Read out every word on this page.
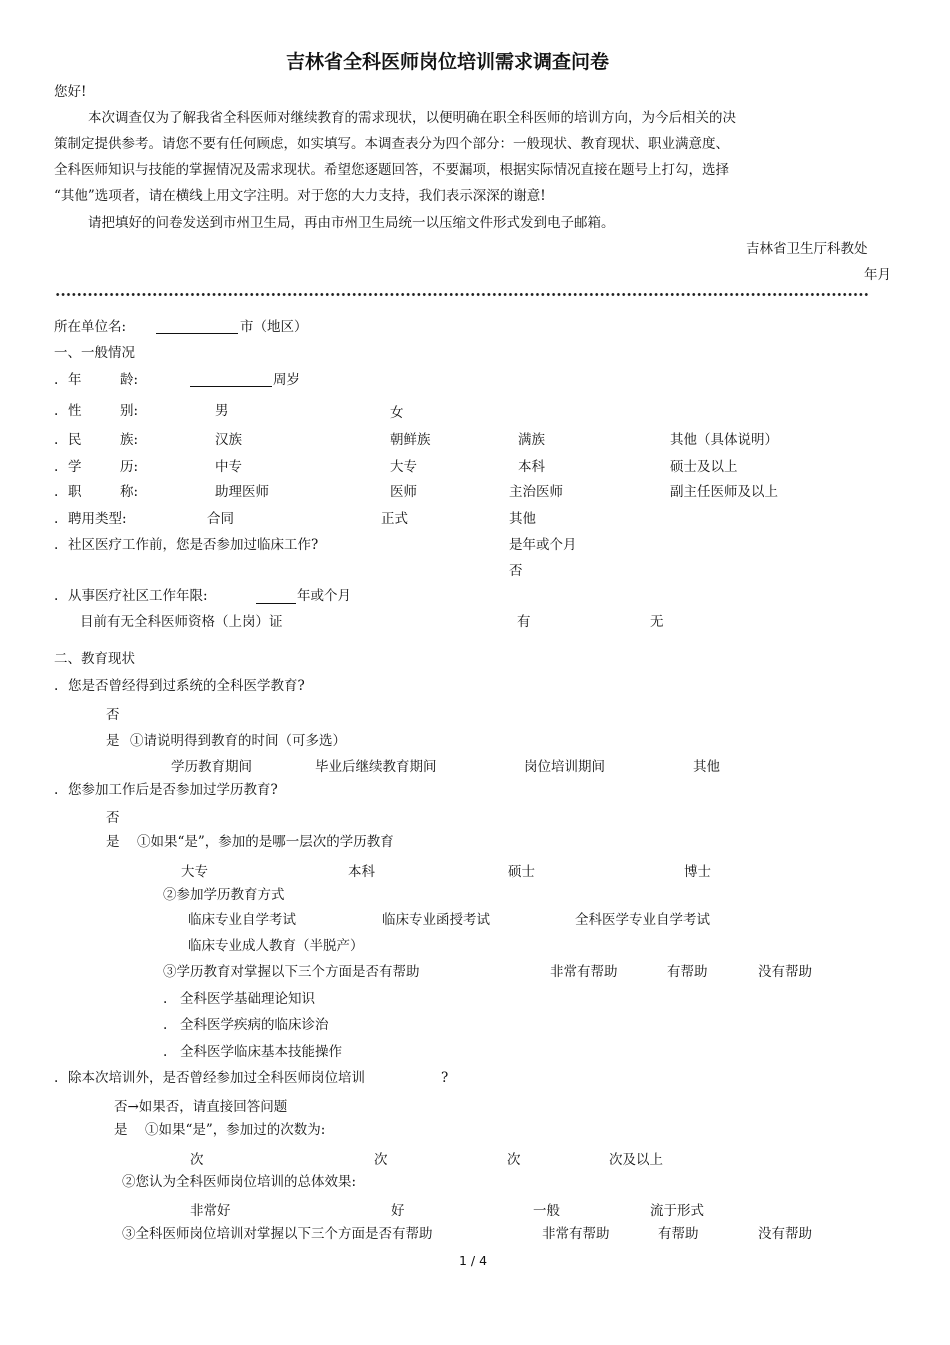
吉林省全科医师岗位培训需求调查问卷
您好!
本次调查仅为了解我省全科医师对继续教育的需求现状，以便明确在职全科医师的培训方向，为今后相关的决
策制定提供参考。请您不要有任何顾虑，如实填写。本调查表分为四个部分：一般现状、教育现状、职业满意度、
全科医师知识与技能的掌握情况及需求现状。希望您逐题回答，不要漏项，根据实际情况直接在题号上打勾，选择
“其他”选项者，请在横线上用文字注明。对于您的大力支持，我们表示深深的谢意!
请把填好的问卷发送到市州卫生局，再由市州卫生局统一以压缩文件形式发到电子邮箱。
吉林省卫生厅科教处
年月
所在单位名:	市（地区）
一、一般情况
. 年	龄:	周岁
. 性	别:	男	女
. 民	族:	汉族	朝鲜族	满族	其他（具体说明）
. 学	历:	中专	大专	本科	硕士及以上
. 职	称:	助理医师	医师	主治医师	副主任医师及以上
. 聘用类型:	合同	正式	其他
. 社区医疗工作前，您是否参加过临床工作?	是年或个月
否
. 从事医疗社区工作年限:	年或个月
目前有无全科医师资格（上岗）证	有	无
二、教育现状
. 您是否曾经得到过系统的全科医学教育?
否
是 ①请说明得到教育的时间（可多选）
学历教育期间	毕业后继续教育期间	岗位培训期间	其他
. 您参加工作后是否参加过学历教育?
否
是 ①如果“是”，参加的是哪一层次的学历教育
大专	本科	硕士	博士
②参加学历教育方式
临床专业自学考试	临床专业函授考试	全科医学专业自学考试
临床专业成人教育（半脱产）
③学历教育对掌握以下三个方面是否有帮助	非常有帮助	有帮助	没有帮助
. 全科医学基础理论知识
. 全科医学疾病的临床诊治
. 全科医学临床基本技能操作
. 除本次培训外，是否曾经参加过全科医师岗位培训	?
否→如果否，请直接回答问题
是 ①如果“是”，参加过的次数为:
次	次	次	次及以上
②您认为全科医师岗位培训的总体效果:
非常好	好	一般	流于形式
③全科医师岗位培训对掌握以下三个方面是否有帮助	非常有帮助	有帮助	没有帮助
1 / 4
